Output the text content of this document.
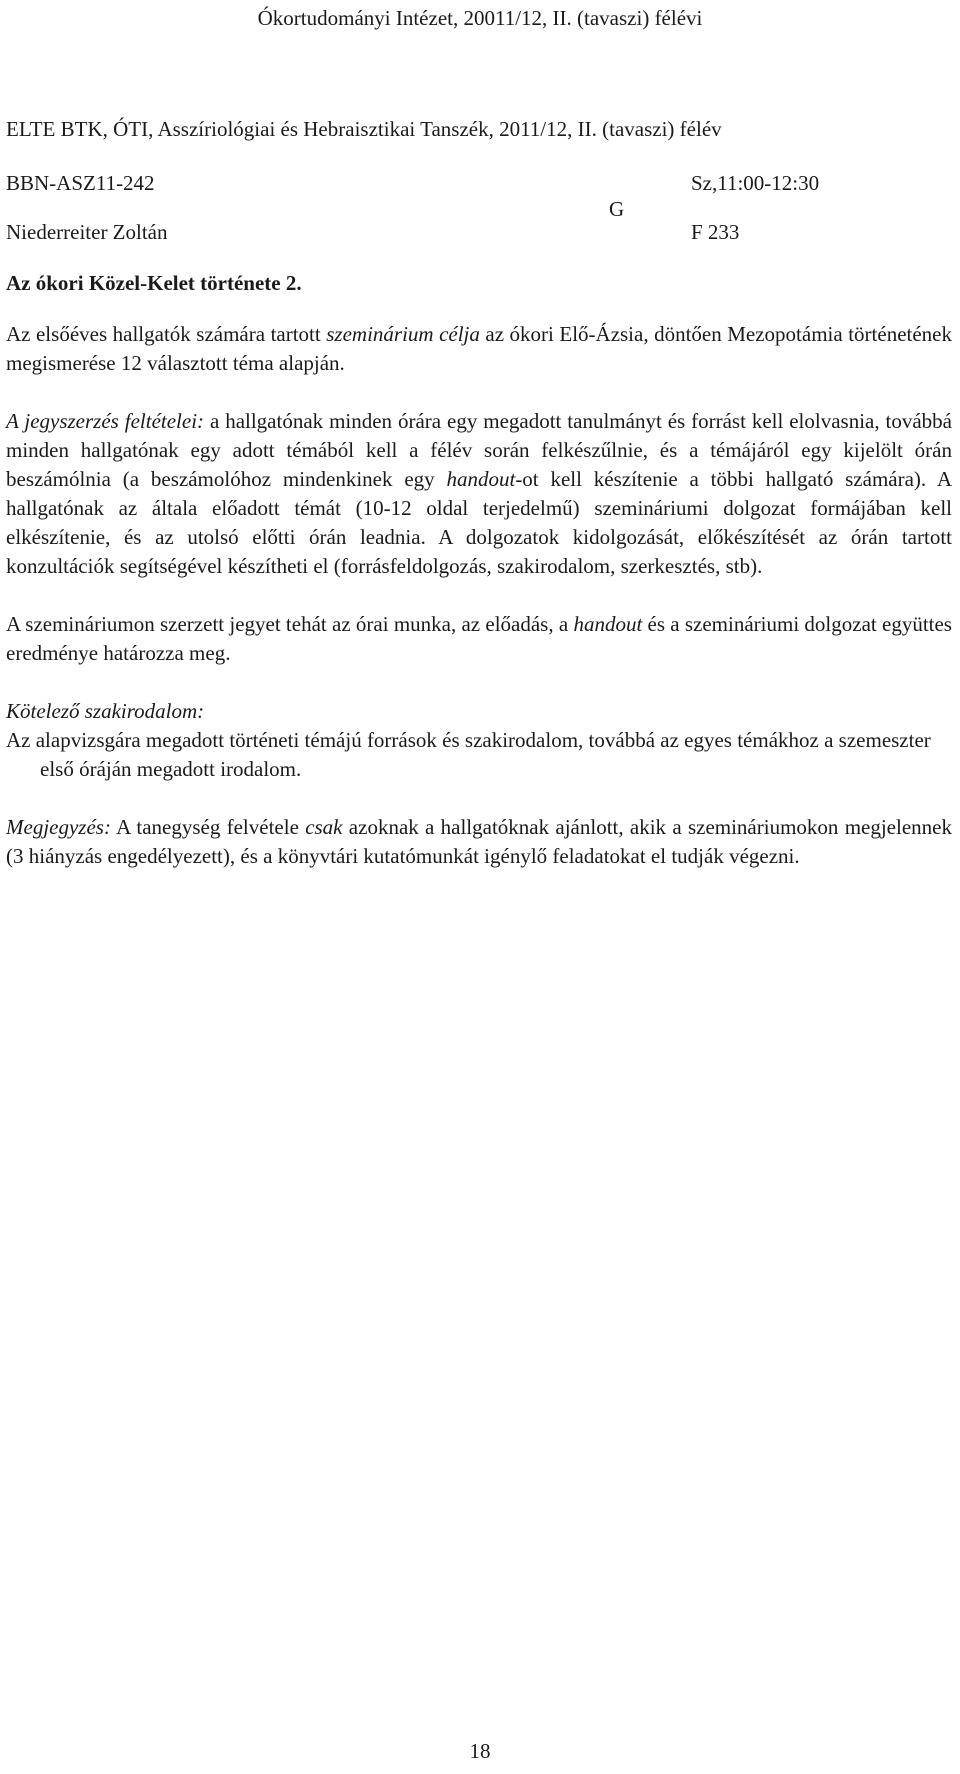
Ókortudományi Intézet, 20011/12, II. (tavaszi) félévi

ELTE BTK, ÓTI, Asszíriológiai és Hebraisztikai Tanszék, 2011/12, II. (tavaszi) félév

BBN-ASZ11-242	Sz,11:00-12:30
G
Niederreiter Zoltán	F 233

Az ókori Közel-Kelet története 2.

Az elsőéves hallgatók számára tartott szeminárium célja az ókori Elő-Ázsia, döntően Mezopotámia történetének megismerése 12 választott téma alapján.

A jegyszerzés feltételei: a hallgatónak minden órára egy megadott tanulmányt és forrást kell elolvasnia, továbbá minden hallgatónak egy adott témából kell a félév során felkészűlnie, és a témájáról egy kijelölt órán beszámólnia (a beszámolóhoz mindenkinek egy handout-ot kell készítenie a többi hallgató számára). A hallgatónak az általa előadott témát (10-12 oldal terjedelmű) szemináriumi dolgozat formájában kell elkészítenie, és az utolsó előtti órán leadnia. A dolgozatok kidolgozását, előkészítését az órán tartott konzultációk segítségével készítheti el (forrásfeldolgozás, szakirodalom, szerkesztés, stb).

A szemináriumon szerzett jegyet tehát az órai munka, az előadás, a handout és a szemináriumi dolgozat együttes eredménye határozza meg.

Kötelező szakirodalom:

Az alapvizsgára megadott történeti témájú források és szakirodalom, továbbá az egyes témákhoz a szemeszter első óráján megadott irodalom.

Megjegyzés: A tanegység felvétele csak azoknak a hallgatóknak ajánlott, akik a szemináriumokon megjelennek (3 hiányzás engedélyezett), és a könyvtári kutatómunkát igénylő feladatokat el tudják végezni.

18
